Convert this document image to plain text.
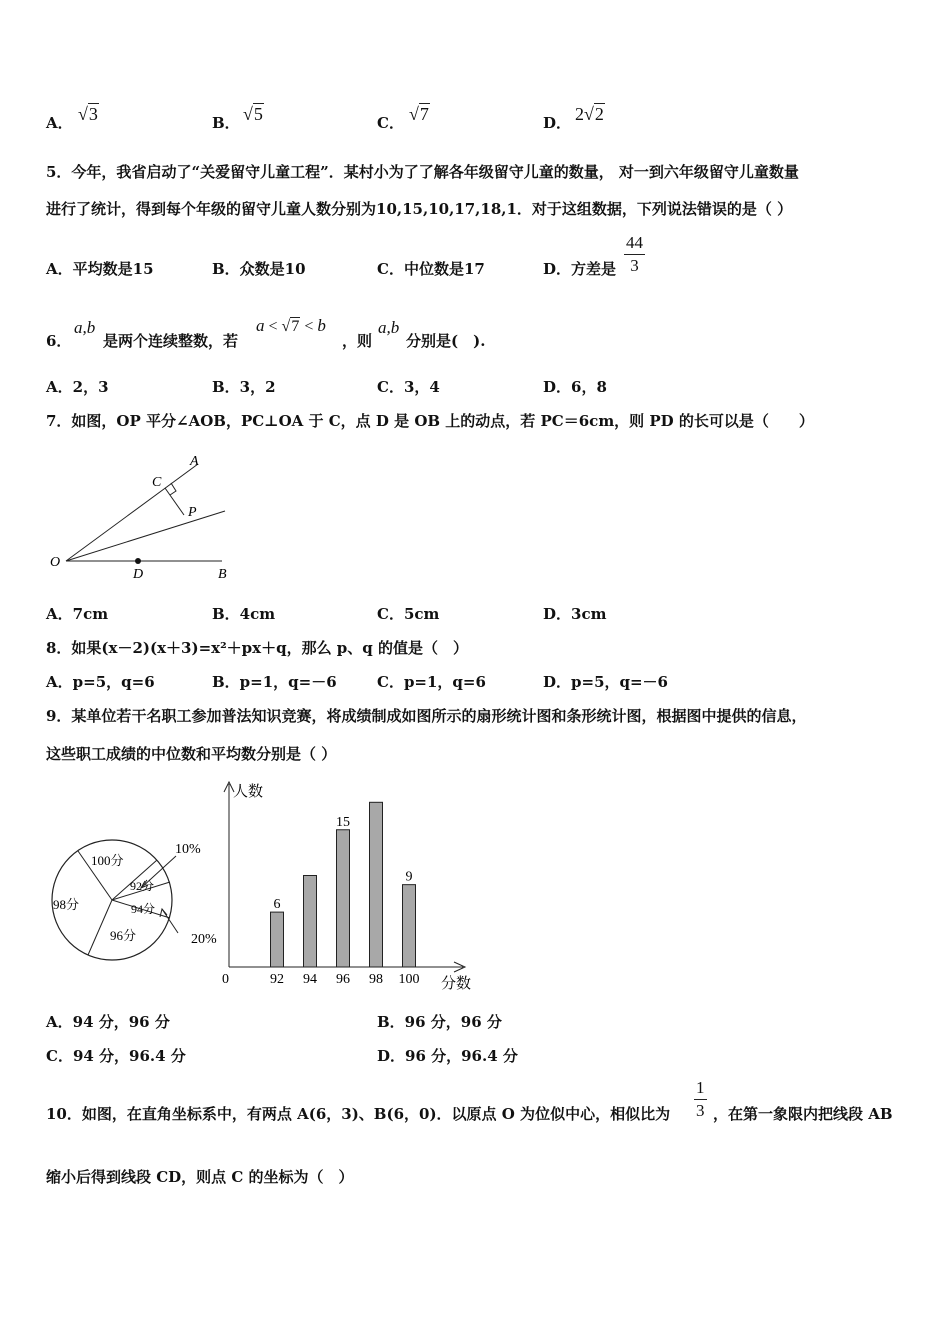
A． √3	B． √5	C． √7	D． 2√2
5．今年，我省启动了“关爱留守儿童工程”．某村小为了了解各年级留守儿童的数量， 对一到六年级留守儿童数量
进行了统计，得到每个年级的留守儿童人数分别为10,15,10,17,18,1．对于这组数据，下列说法错误的是（ ）
A．平均数是15	B．众数是10	C．中位数是17	D．方差是 $\frac{44}{3}$
6．
a,b
是两个连续整数，若
a < √7 < b
，则
a,b
分别是(　).
A．2，3	B．3，2	C．3，4	D．6，8
7．如图，OP 平分∠AOB，PC⊥OA 于 C，点 D 是 OB 上的动点，若 PC＝6cm，则 PD 的长可以是（　　）
A
C
P
O
D	B
A．7cm	B．4cm	C．5cm	D．3cm
8．如果(x－2)(x＋3)=x²＋px＋q，那么 p、q 的值是（　）
A．p=5，q=6	B．p=1，q=－6	C．p=1，q=6	D．p=5，q=－6
9．某单位若干名职工参加普法知识竞赛，将成绩制成如图所示的扇形统计图和条形统计图，根据图中提供的信息，
这些职工成绩的中位数和平均数分别是（ ）
100分
98分
96分
92分
94分
10%
20%
人数
分数
0	92
6
94 96
15
98 100
9
A．94 分，96 分	B．96 分，96 分
C．94 分，96.4 分	D．96 分，96.4 分
10．如图，在直角坐标系中，有两点 A(6，3)、B(6，0)．以原点 O 为位似中心，相似比为 $\frac{1}{3}$ ，在第一象限内把线段 AB
缩小后得到线段 CD，则点 C 的坐标为（　）
